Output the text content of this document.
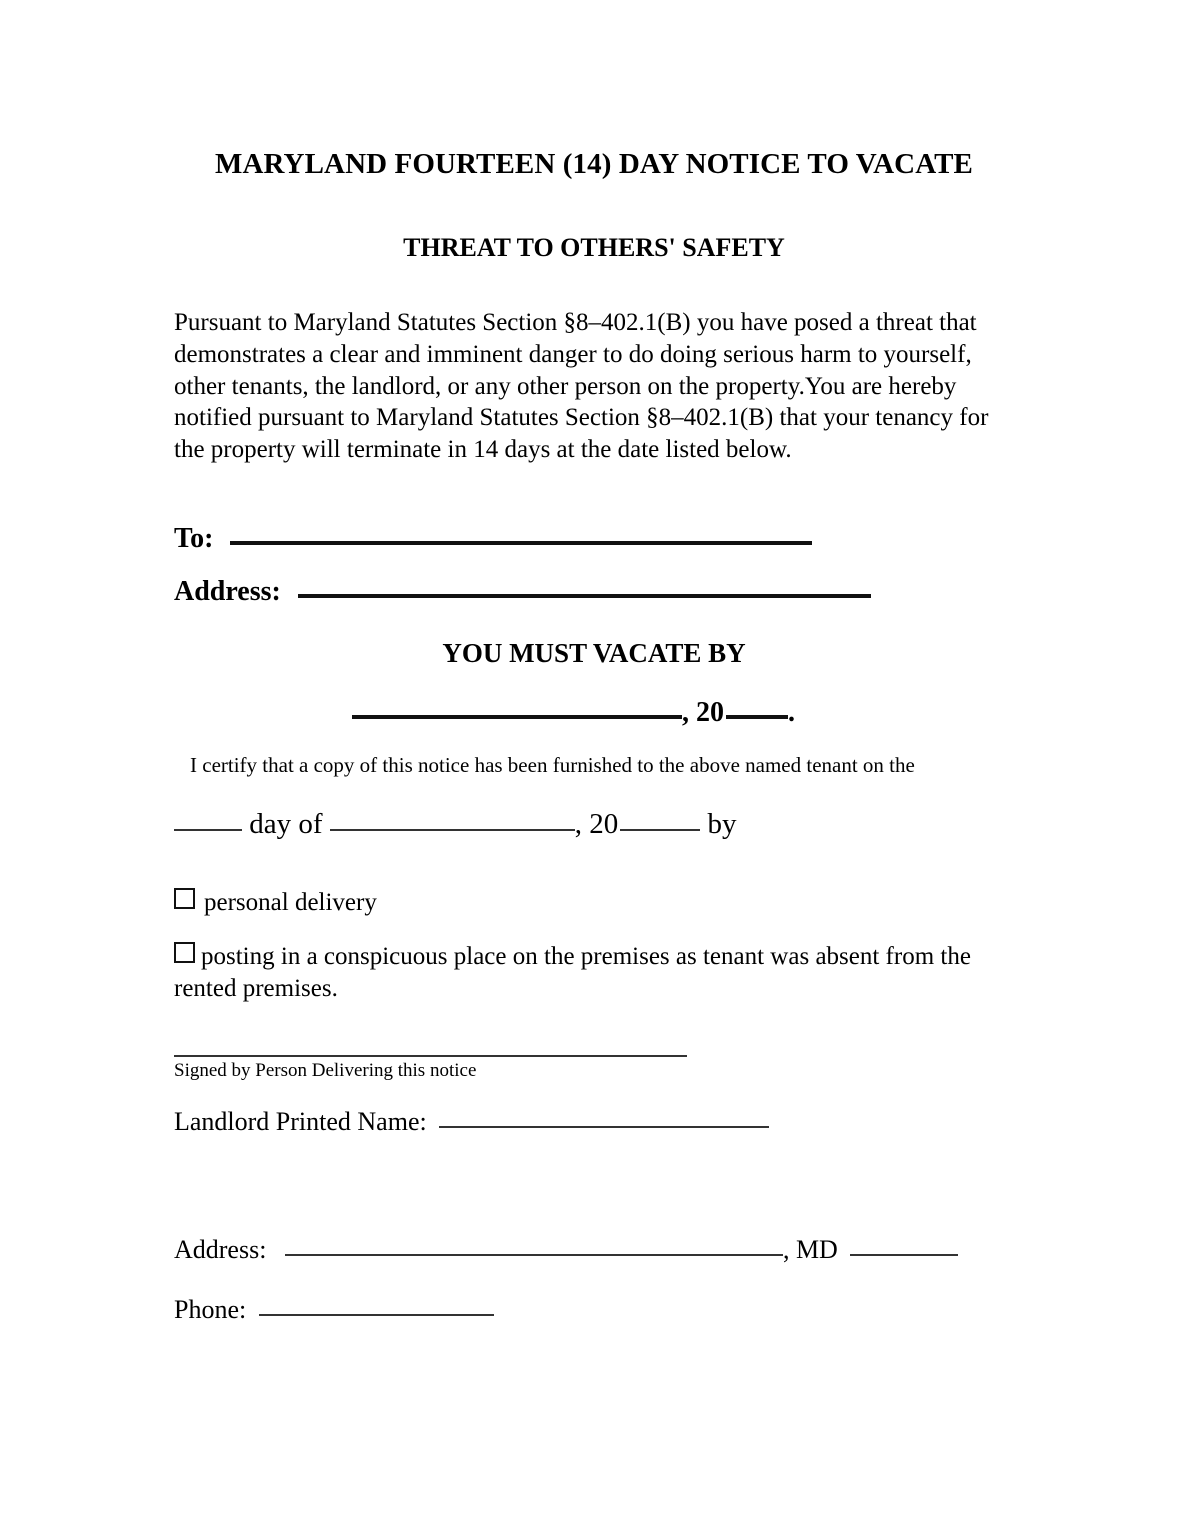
MARYLAND FOURTEEN (14) DAY NOTICE TO VACATE
THREAT TO OTHERS' SAFETY

Pursuant to Maryland Statutes Section §8–402.1(B) you have posed a threat that demonstrates a clear and imminent danger to do doing serious harm to yourself, other tenants, the landlord, or any other person on the property.You are hereby notified pursuant to Maryland Statutes Section §8–402.1(B) that your tenancy for the property will terminate in 14 days at the date listed below.

To:
Address:
YOU MUST VACATE BY
, 20 .
I certify that a copy of this notice has been furnished to the above named tenant on the
day of	, 20	by
personal delivery
posting in a conspicuous place on the premises as tenant was absent from the rented premises.
Signed by Person Delivering this notice
Landlord Printed Name:
Address:	, MD
Phone:
